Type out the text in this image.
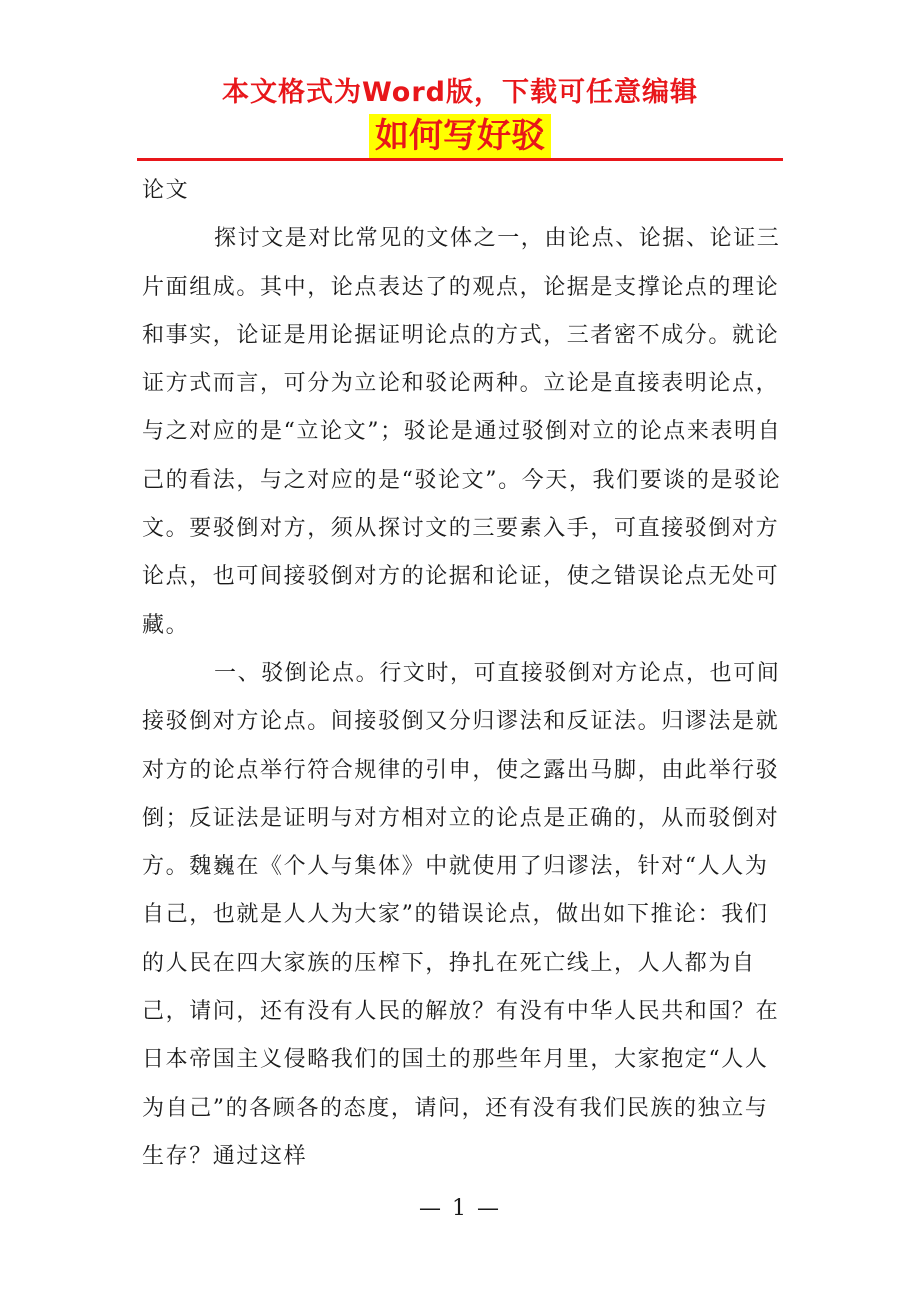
本文格式为Word版，下载可任意编辑
如何写好驳

论文

探讨文是对比常见的文体之一，由论点、论据、论证三片面组成。其中，论点表达了的观点，论据是支撑论点的理论和事实，论证是用论据证明论点的方式，三者密不成分。就论证方式而言，可分为立论和驳论两种。立论是直接表明论点，与之对应的是“立论文”；驳论是通过驳倒对立的论点来表明自己的看法，与之对应的是“驳论文”。今天，我们要谈的是驳论文。要驳倒对方，须从探讨文的三要素入手，可直接驳倒对方论点，也可间接驳倒对方的论据和论证，使之错误论点无处可藏。

一、驳倒论点。行文时，可直接驳倒对方论点，也可间接驳倒对方论点。间接驳倒又分归谬法和反证法。归谬法是就对方的论点举行符合规律的引申，使之露出马脚，由此举行驳倒；反证法是证明与对方相对立的论点是正确的，从而驳倒对方。魏巍在《个人与集体》中就使用了归谬法，针对“人人为自己，也就是人人为大家”的错误论点，做出如下推论：我们的人民在四大家族的压榨下，挣扎在死亡线上，人人都为自己，请问，还有没有人民的解放？有没有中华人民共和国？在日本帝国主义侵略我们的国土的那些年月里，大家抱定“人人为自己”的各顾各的态度，请问，还有没有我们民族的独立与生存？通过这样

— 1 —
